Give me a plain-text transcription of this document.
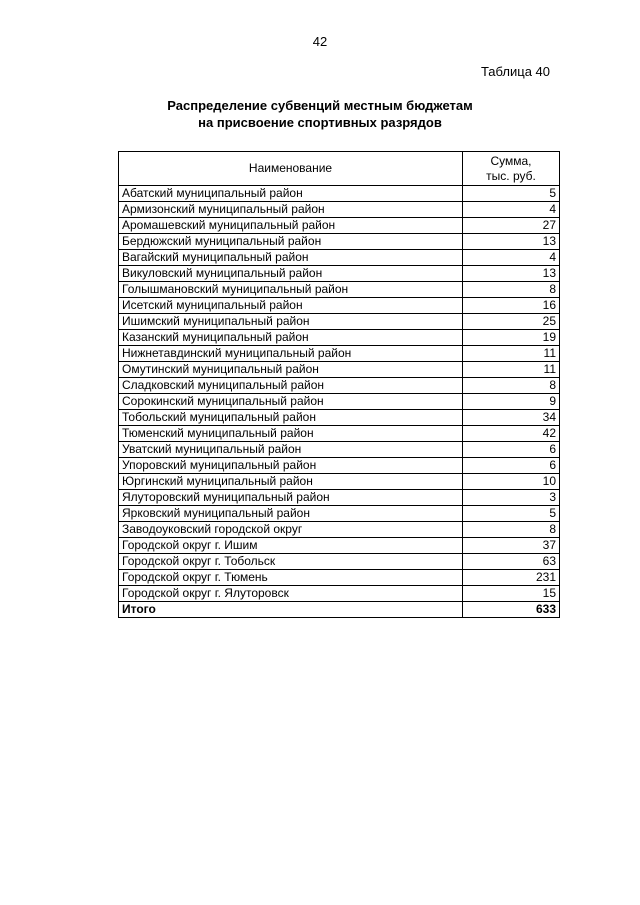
42
Таблица 40
Распределение субвенций местным бюджетам
на присвоение спортивных разрядов
Наименование	Сумма,
тыс. руб.

Абатский муниципальный район	5
Армизонский муниципальный район	4
Аромашевский муниципальный район	27
Бердюжский муниципальный район	13
Вагайский муниципальный район	4
Викуловский муниципальный район	13
Голышмановский муниципальный район	8
Исетский муниципальный район	16
Ишимский муниципальный район	25
Казанский муниципальный район	19
Нижнетавдинский муниципальный район	11
Омутинский муниципальный район	11
Сладковский муниципальный район	8
Сорокинский муниципальный район	9
Тобольский муниципальный район	34
Тюменский муниципальный район	42
Уватский муниципальный район	6
Упоровский муниципальный район	6
Юргинский муниципальный район	10
Ялуторовский муниципальный район	3
Ярковский муниципальный район	5
Заводоуковский городской округ	8
Городской округ г. Ишим	37
Городской округ г. Тобольск	63
Городской округ г. Тюмень	231
Городской округ г. Ялуторовск	15
Итого	633
